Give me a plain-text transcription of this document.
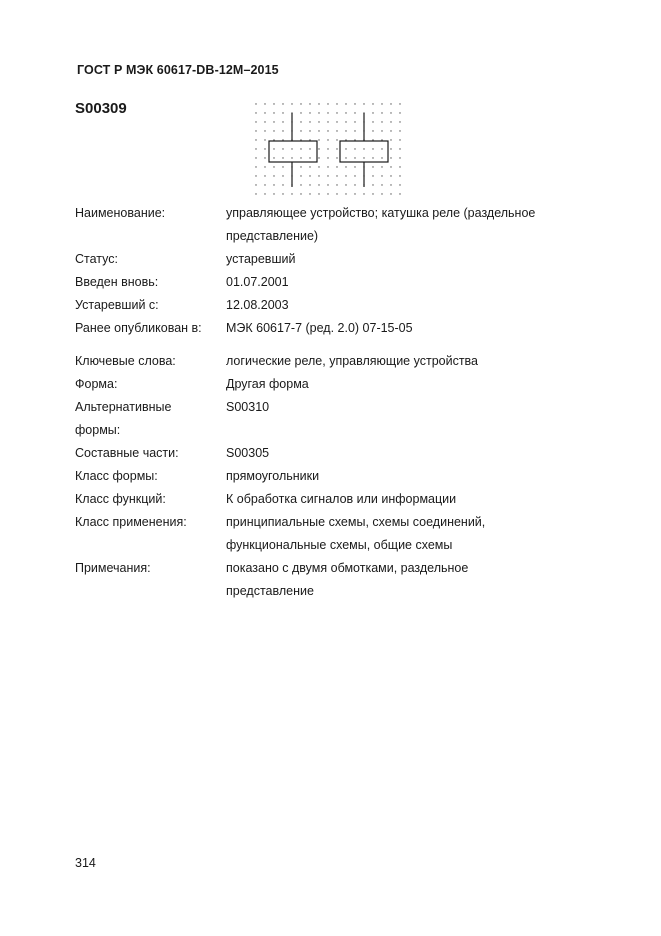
ГОСТ Р МЭК 60617-DB-12M–2015
S00309
Наименование:	управляющее устройство; катушка реле (раздельное
представление)
Статус:	устаревший
Введен вновь:	01.07.2001
Устаревший с:	12.08.2003
Ранее опубликован в:	МЭК 60617-7 (ред. 2.0) 07-15-05
Ключевые слова:	логические реле, управляющие устройства
Форма:	Другая форма
Альтернативные
формы:
S00310
Составные части:	S00305
Класс формы:	прямоугольники
Класс функций:	К обработка сигналов или информации
Класс применения:	принципиальные схемы, схемы соединений,
функциональные схемы, общие схемы
Примечания:	показано с двумя обмотками, раздельное
представление
314
